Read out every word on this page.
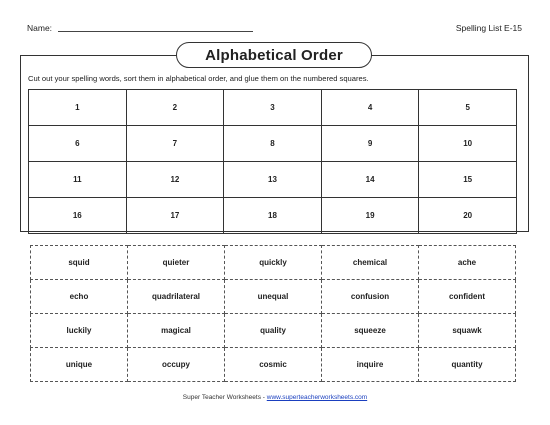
Name:	Spelling List E-15
Alphabetical Order
Cut out your spelling words, sort them in alphabetical order, and glue them on the numbered squares.
1	2	3	4	5
6	7	8	9	10
11	12	13	14	15
16	17	18	19	20
squid	quieter	quickly	chemical	ache
echo	quadrilateral	unequal	confusion	confident
luckily	magical	quality	squeeze	squawk
unique	occupy	cosmic	inquire	quantity
Super Teacher Worksheets - www.superteacherworksheets.com
